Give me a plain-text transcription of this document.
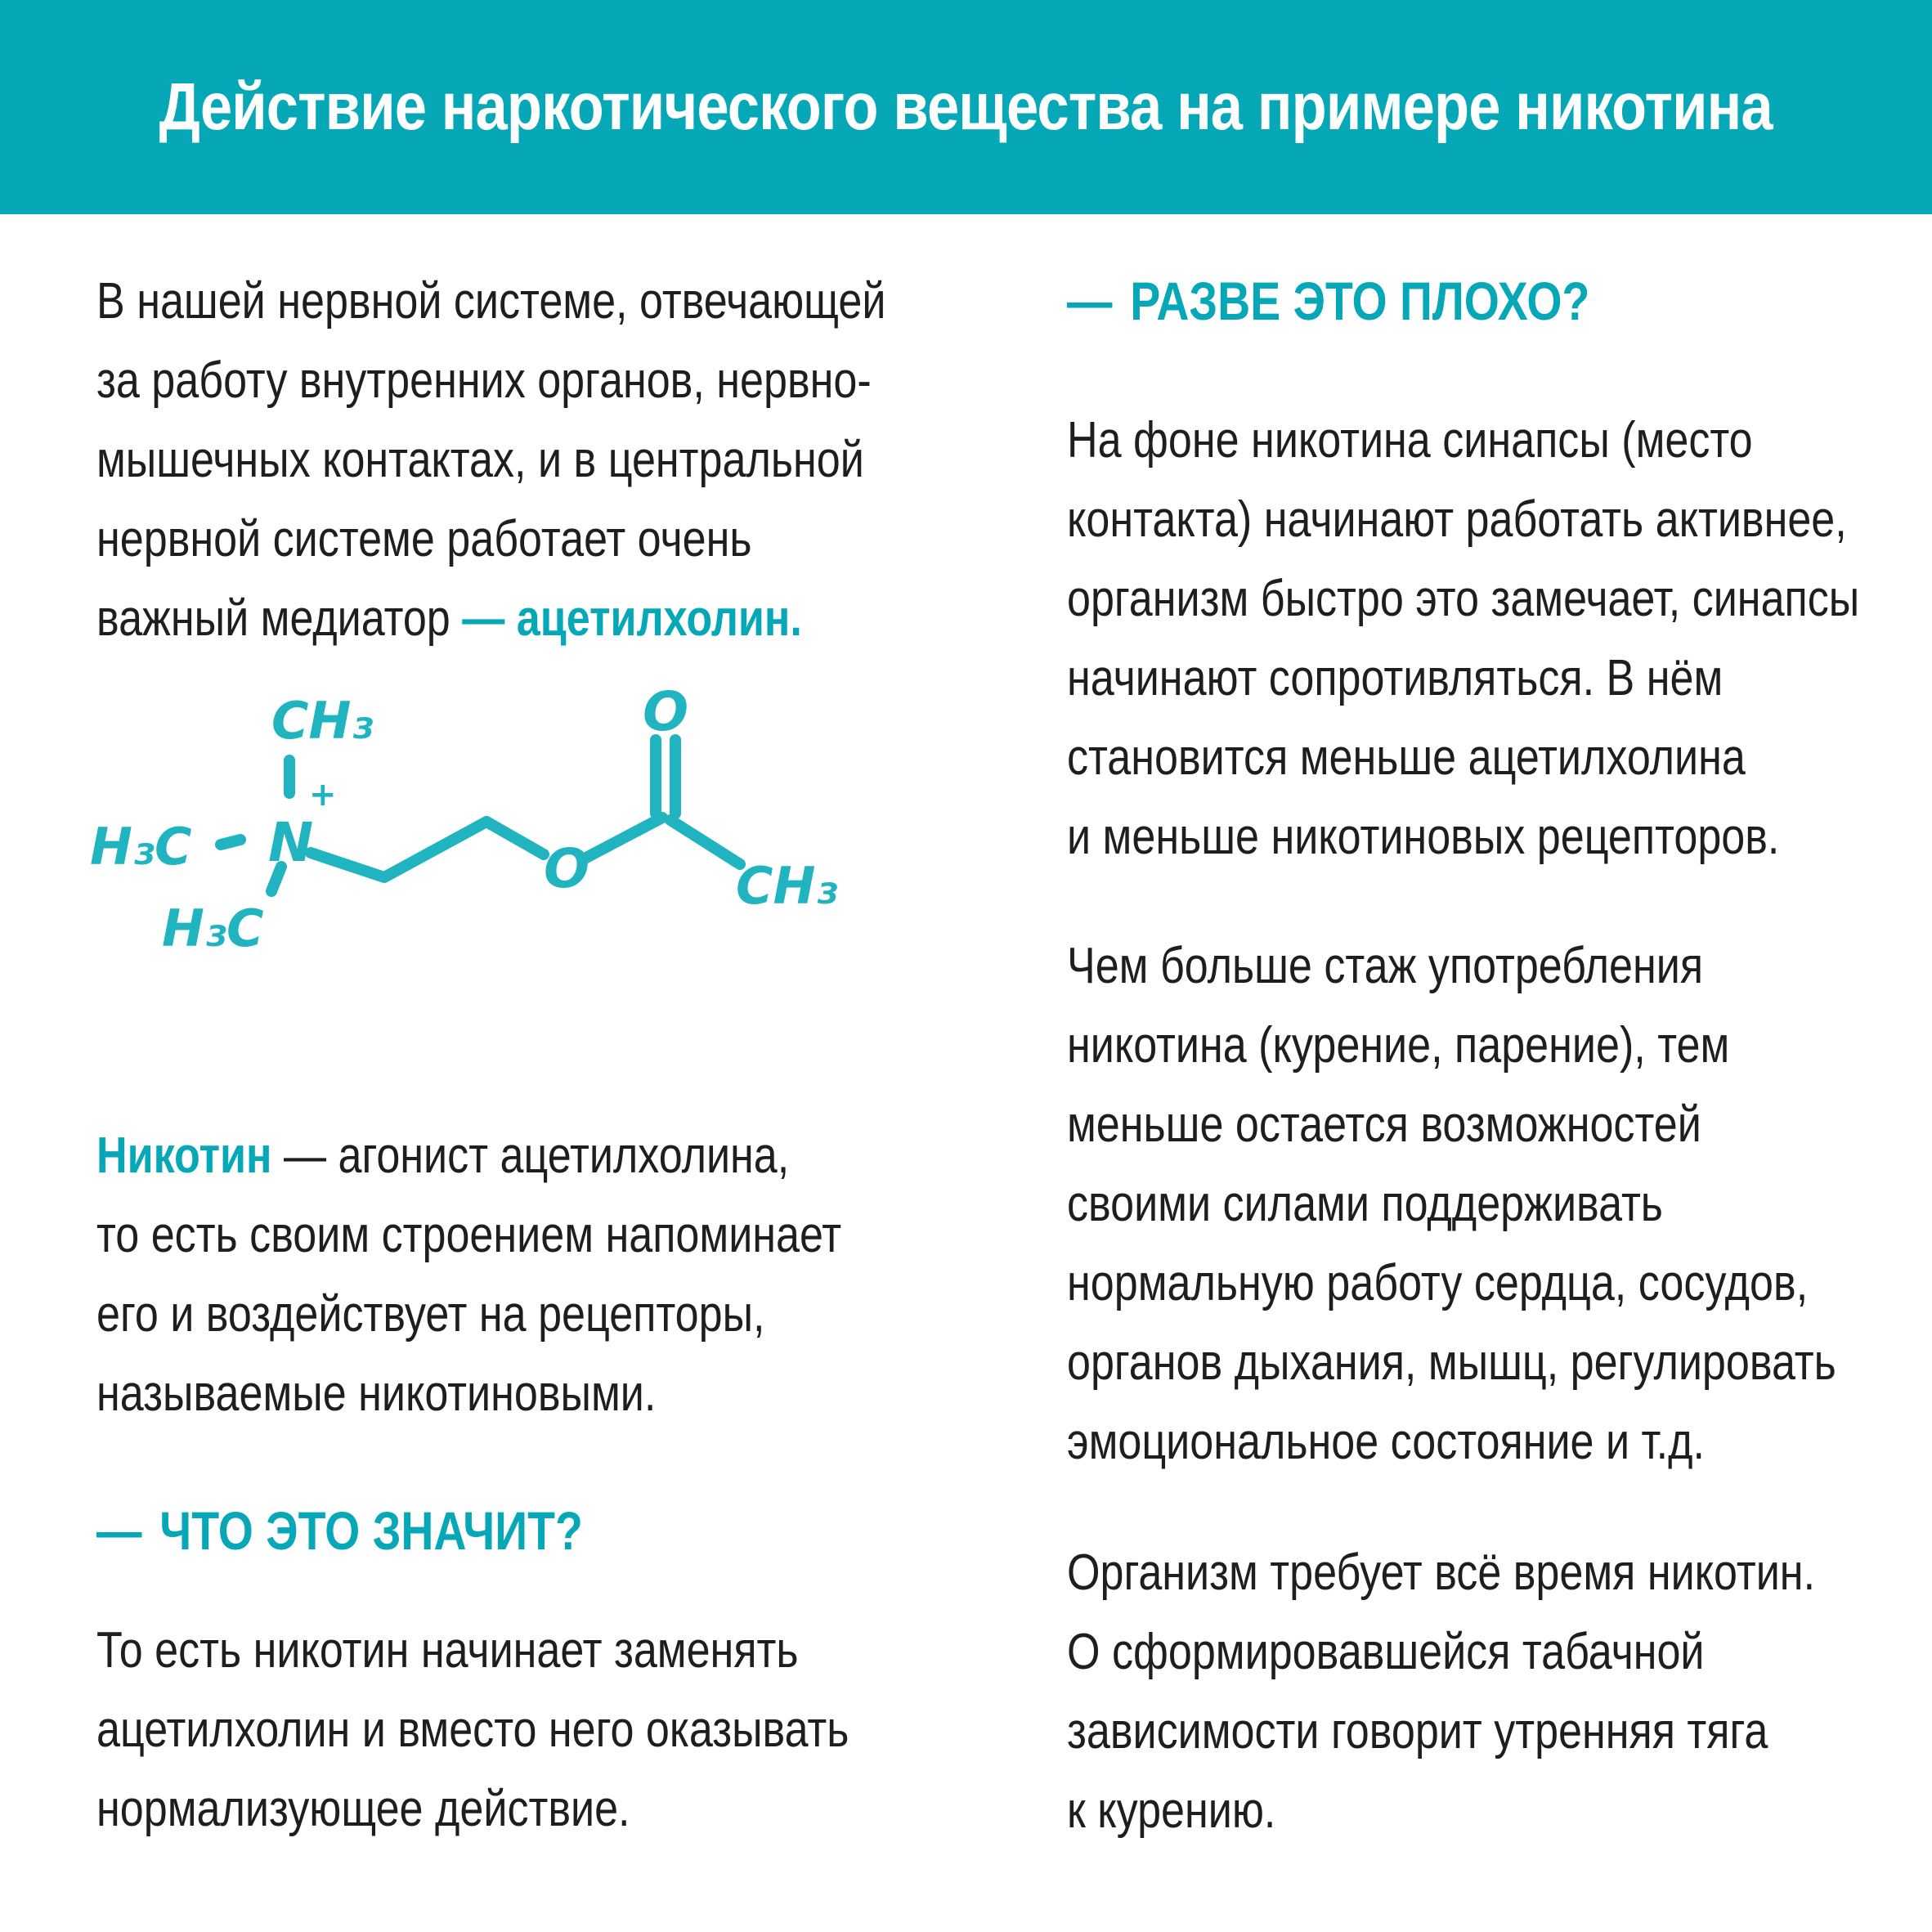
Действие наркотического вещества на примере никотина

В нашей нервной системе, отвечающей
за работу внутренних органов, нервно-
мышечных контактах, и в центральной
нервной системе работает очень
важный медиатор — ацетилхолин.

CH₃
N
+
H₃C
H₃C
O
O
CH₃

Никотин — агонист ацетилхолина,
то есть своим строением напоминает
его и воздействует на рецепторы,
называемые никотиновыми.

— ЧТО ЭТО ЗНАЧИТ?

То есть никотин начинает заменять
ацетилхолин и вместо него оказывать
нормализующее действие.

— РАЗВЕ ЭТО ПЛОХО?

На фоне никотина синапсы (место
контакта) начинают работать активнее,
организм быстро это замечает, синапсы
начинают сопротивляться. В нём
становится меньше ацетилхолина
и меньше никотиновых рецепторов.

Чем больше стаж употребления
никотина (курение, парение), тем
меньше остается возможностей
своими силами поддерживать
нормальную работу сердца, сосудов,
органов дыхания, мышц, регулировать
эмоциональное состояние и т.д.

Организм требует всё время никотин.
О сформировавшейся табачной
зависимости говорит утренняя тяга
к курению.
